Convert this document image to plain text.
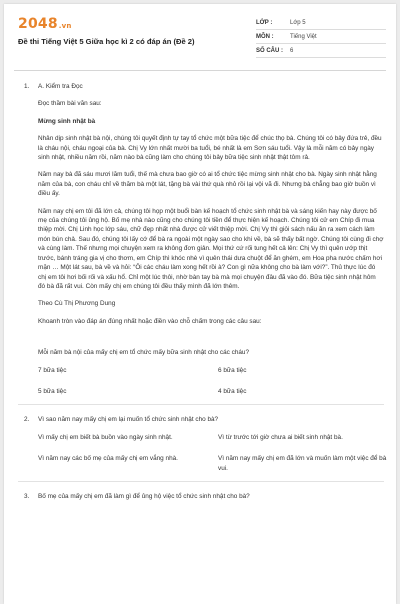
2048.vn
Đề thi Tiếng Việt 5 Giữa học kì 2 có đáp án (Đề 2)
LỚP :	Lớp 5
MÔN :	Tiếng Việt
SỐ CÂU :	6
1. A. Kiểm tra Đọc
Đọc thầm bài văn sau:
Mừng sinh nhật bà
Nhân dịp sinh nhật bà nội, chúng tôi quyết định tự tay tổ chức một bữa tiệc để chúc thọ bà. Chúng tôi có bảy đứa trẻ, đều là cháu nội, cháu ngoại của bà. Chị Vy lớn nhất mười ba tuổi, bé nhất là em Sơn sáu tuổi. Vậy là mỗi năm có bảy ngày sinh nhật, nhiều năm rồi, năm nào bà cũng làm cho chúng tôi bảy bữa tiệc sinh nhật thật tôm rả.
Năm nay bà đã sáu mươi lăm tuổi, thế mà chưa bao giờ có ai tổ chức tiệc mừng sinh nhật cho bà. Ngày sinh nhật hằng năm của bà, con cháu chỉ về thăm bà một lát, tặng bà vài thứ quà nhỏ rồi lại vội vã đi. Nhưng bà chẳng bao giờ buồn vì điều ấy.
Năm nay chị em tôi đã lớn cả, chúng tôi họp một buổi bàn kế hoạch tổ chức sinh nhật bà và sáng kiến hay này được bố mẹ của chúng tôi ủng hộ. Bố mẹ nhà nào cũng cho chúng tôi tiền để thực hiện kế hoạch. Chúng tôi cử em Chíp đi mua thiệp mời. Chị Linh học lớp sáu, chữ đẹp nhất nhà được cử viết thiệp mời. Chị Vy thì giỏi sách nấu ăn ra xem cách làm món bún chả. Sau đó, chúng tôi lấy cớ để bà ra ngoài một ngày sao cho khi về, bà sẽ thấy bất ngờ. Chúng tôi cùng đi chợ và cùng làm. Thế nhưng mọi chuyện xem ra không đơn giản. Mọi thứ cứ rối tung hết cả lên: Chị Vy thì quên ướp thịt trước, bánh tráng gia vị cho thơm, em Chíp thì khóc nhè vì quên thái dưa chuột để ăn ghém, em Hoa pha nước chấm hơi mặn … Một lát sau, bà về và hỏi: “Ôi các cháu làm xong hết rồi à? Con gì nữa không cho bà làm với?”. Thủ thực lúc đó chị em tôi hơi bối rối và xấu hổ. Chỉ một lúc thôi, nhờ bàn tay bà mà mọi chuyện đâu đã vào đó. Bữa tiệc sinh nhật hôm đó bà đã rất vui. Còn mấy chị em chúng tôi đều thấy mình đã lớn thêm.
Theo Cù Thị Phương Dung
Khoanh tròn vào đáp án đúng nhất hoặc điền vào chỗ chấm trong các câu sau:
Mỗi năm bà nội của mấy chị em tổ chức mấy bữa sinh nhật cho các cháu?
7 bữa tiệc	6 bữa tiệc
5 bữa tiệc	4 bữa tiệc
2. Vì sao năm nay mấy chị em lại muốn tổ chức sinh nhật cho bà?
Vì mấy chị em biết bà buồn vào ngày sinh nhật.	Vì từ trước tới giờ chưa ai biết sinh nhật bà.
Vì năm nay các bố mẹ của mấy chị em vắng nhà.	Vì năm nay mấy chị em đã lớn và muốn làm một việc để bà vui.
3. Bố mẹ của mấy chị em đã làm gì để ủng hộ việc tổ chức sinh nhật cho bà?
